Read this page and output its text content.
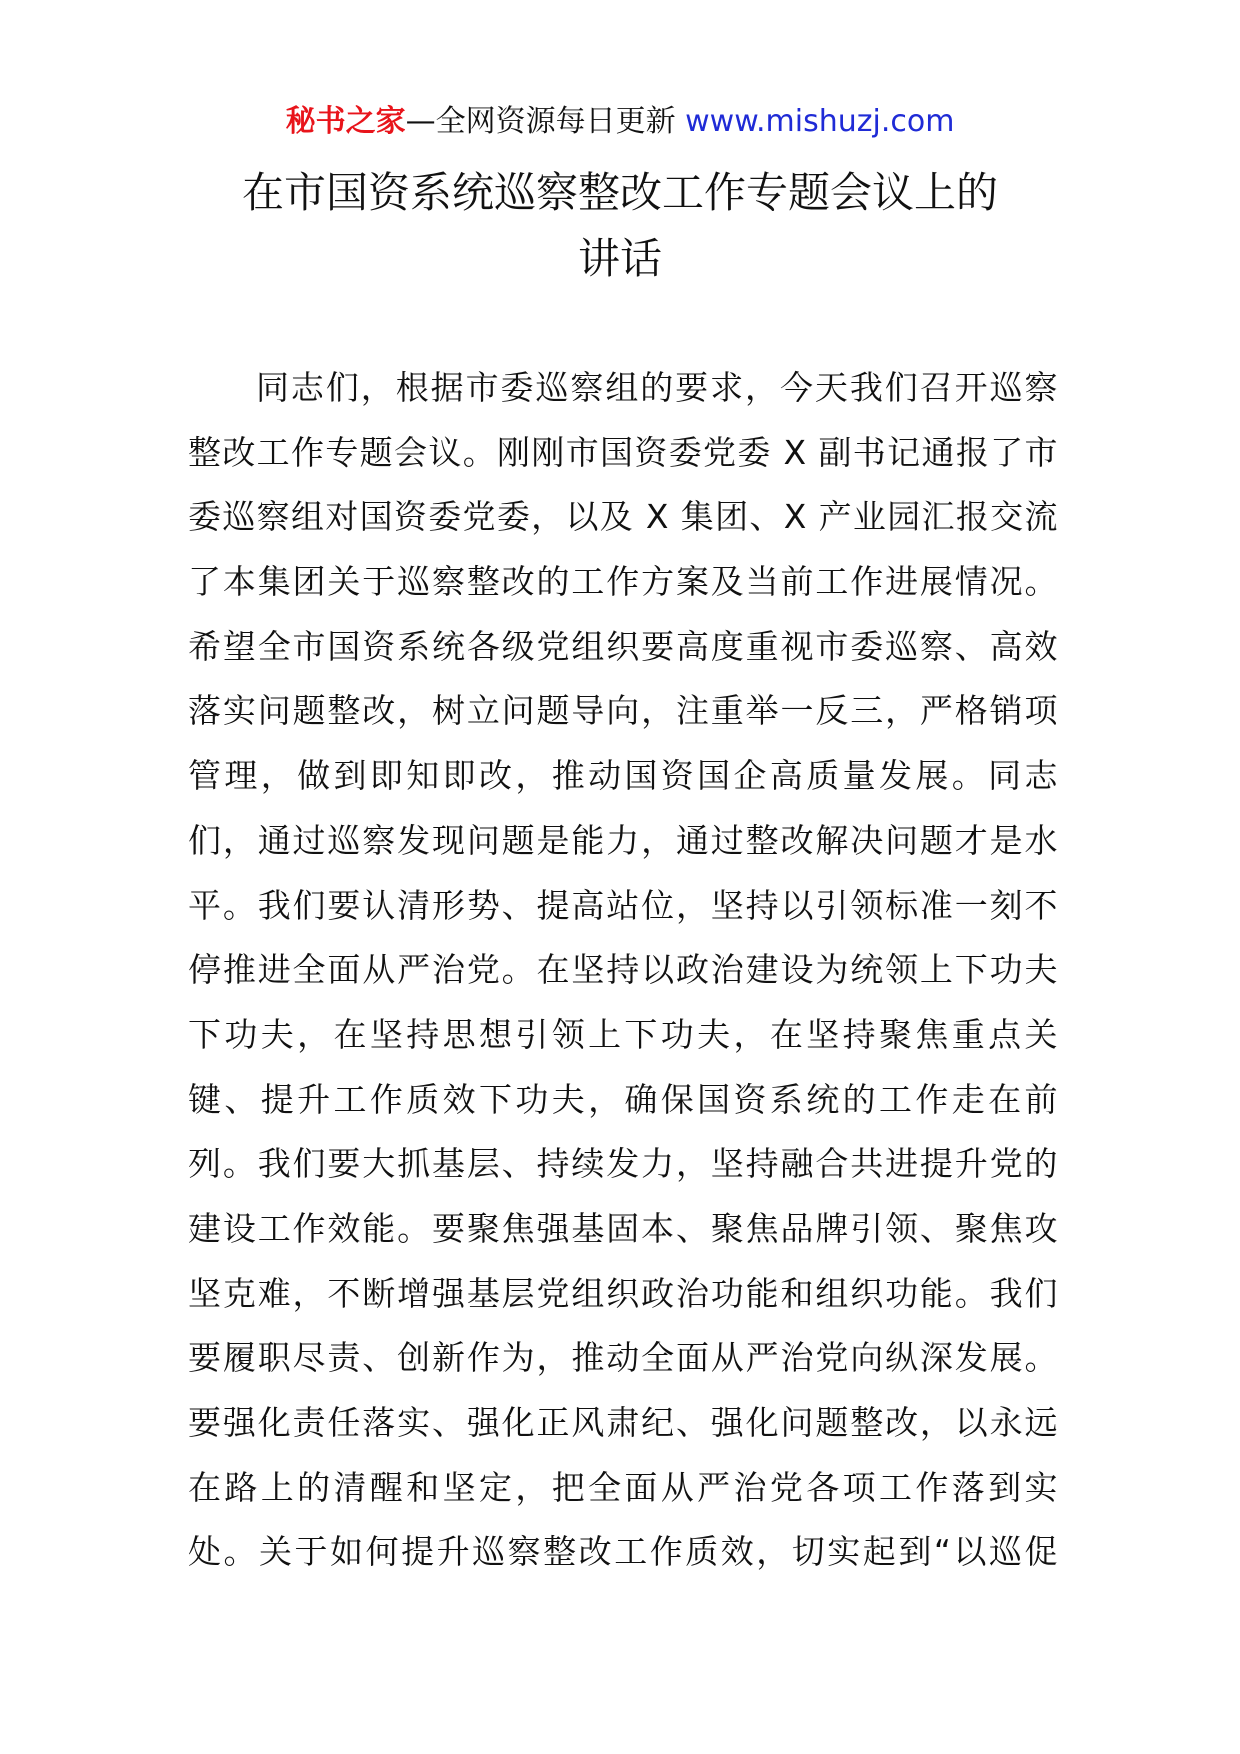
秘书之家—全网资源每日更新 www.mishuzj.com
在市国资系统巡察整改工作专题会议上的
讲话
同志们，根据市委巡察组的要求，今天我们召开巡察
整改工作专题会议。刚刚市国资委党委 X 副书记通报了市
委巡察组对国资委党委，以及 X 集团、X 产业园汇报交流
了本集团关于巡察整改的工作方案及当前工作进展情况。
希望全市国资系统各级党组织要高度重视市委巡察、高效
落实问题整改，树立问题导向，注重举一反三，严格销项
管理，做到即知即改，推动国资国企高质量发展。同志
们，通过巡察发现问题是能力，通过整改解决问题才是水
平。我们要认清形势、提高站位，坚持以引领标准一刻不
停推进全面从严治党。在坚持以政治建设为统领上下功夫
下功夫，在坚持思想引领上下功夫，在坚持聚焦重点关
键、提升工作质效下功夫，确保国资系统的工作走在前
列。我们要大抓基层、持续发力，坚持融合共进提升党的
建设工作效能。要聚焦强基固本、聚焦品牌引领、聚焦攻
坚克难，不断增强基层党组织政治功能和组织功能。我们
要履职尽责、创新作为，推动全面从严治党向纵深发展。
要强化责任落实、强化正风肃纪、强化问题整改，以永远
在路上的清醒和坚定，把全面从严治党各项工作落到实
处。关于如何提升巡察整改工作质效，切实起到“以巡促
